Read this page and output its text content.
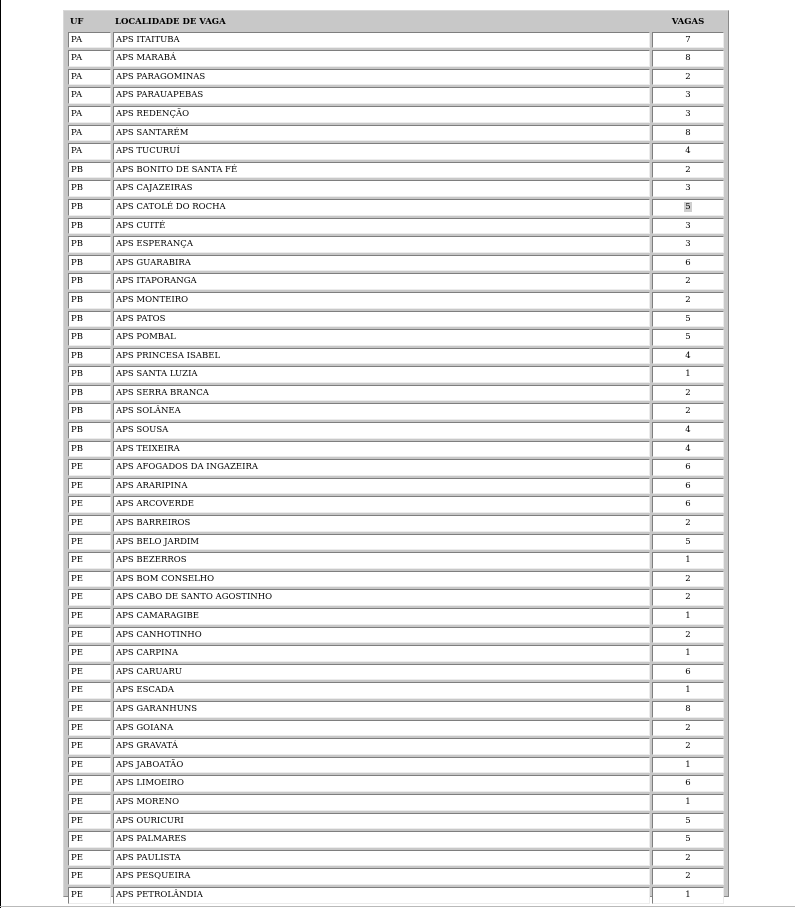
UF	LOCALIDADE DE VAGA	VAGAS
PA	APS ITAITUBA	7
PA	APS MARABÁ	8
PA	APS PARAGOMINAS	2
PA	APS PARAUAPEBAS	3
PA	APS REDENÇÃO	3
PA	APS SANTARÉM	8
PA	APS TUCURUÍ	4
PB	APS BONITO DE SANTA FÉ	2
PB	APS CAJAZEIRAS	3
PB	APS CATOLÉ DO ROCHA	5
PB	APS CUITÉ	3
PB	APS ESPERANÇA	3
PB	APS GUARABIRA	6
PB	APS ITAPORANGA	2
PB	APS MONTEIRO	2
PB	APS PATOS	5
PB	APS POMBAL	5
PB	APS PRINCESA ISABEL	4
PB	APS SANTA LUZIA	1
PB	APS SERRA BRANCA	2
PB	APS SOLÂNEA	2
PB	APS SOUSA	4
PB	APS TEIXEIRA	4
PE	APS AFOGADOS DA INGAZEIRA	6
PE	APS ARARIPINA	6
PE	APS ARCOVERDE	6
PE	APS BARREIROS	2
PE	APS BELO JARDIM	5
PE	APS BEZERROS	1
PE	APS BOM CONSELHO	2
PE	APS CABO DE SANTO AGOSTINHO	2
PE	APS CAMARAGIBE	1
PE	APS CANHOTINHO	2
PE	APS CARPINA	1
PE	APS CARUARU	6
PE	APS ESCADA	1
PE	APS GARANHUNS	8
PE	APS GOIANA	2
PE	APS GRAVATÁ	2
PE	APS JABOATÃO	1
PE	APS LIMOEIRO	6
PE	APS MORENO	1
PE	APS OURICURI	5
PE	APS PALMARES	5
PE	APS PAULISTA	2
PE	APS PESQUEIRA	2
PE	APS PETROLÂNDIA	1
